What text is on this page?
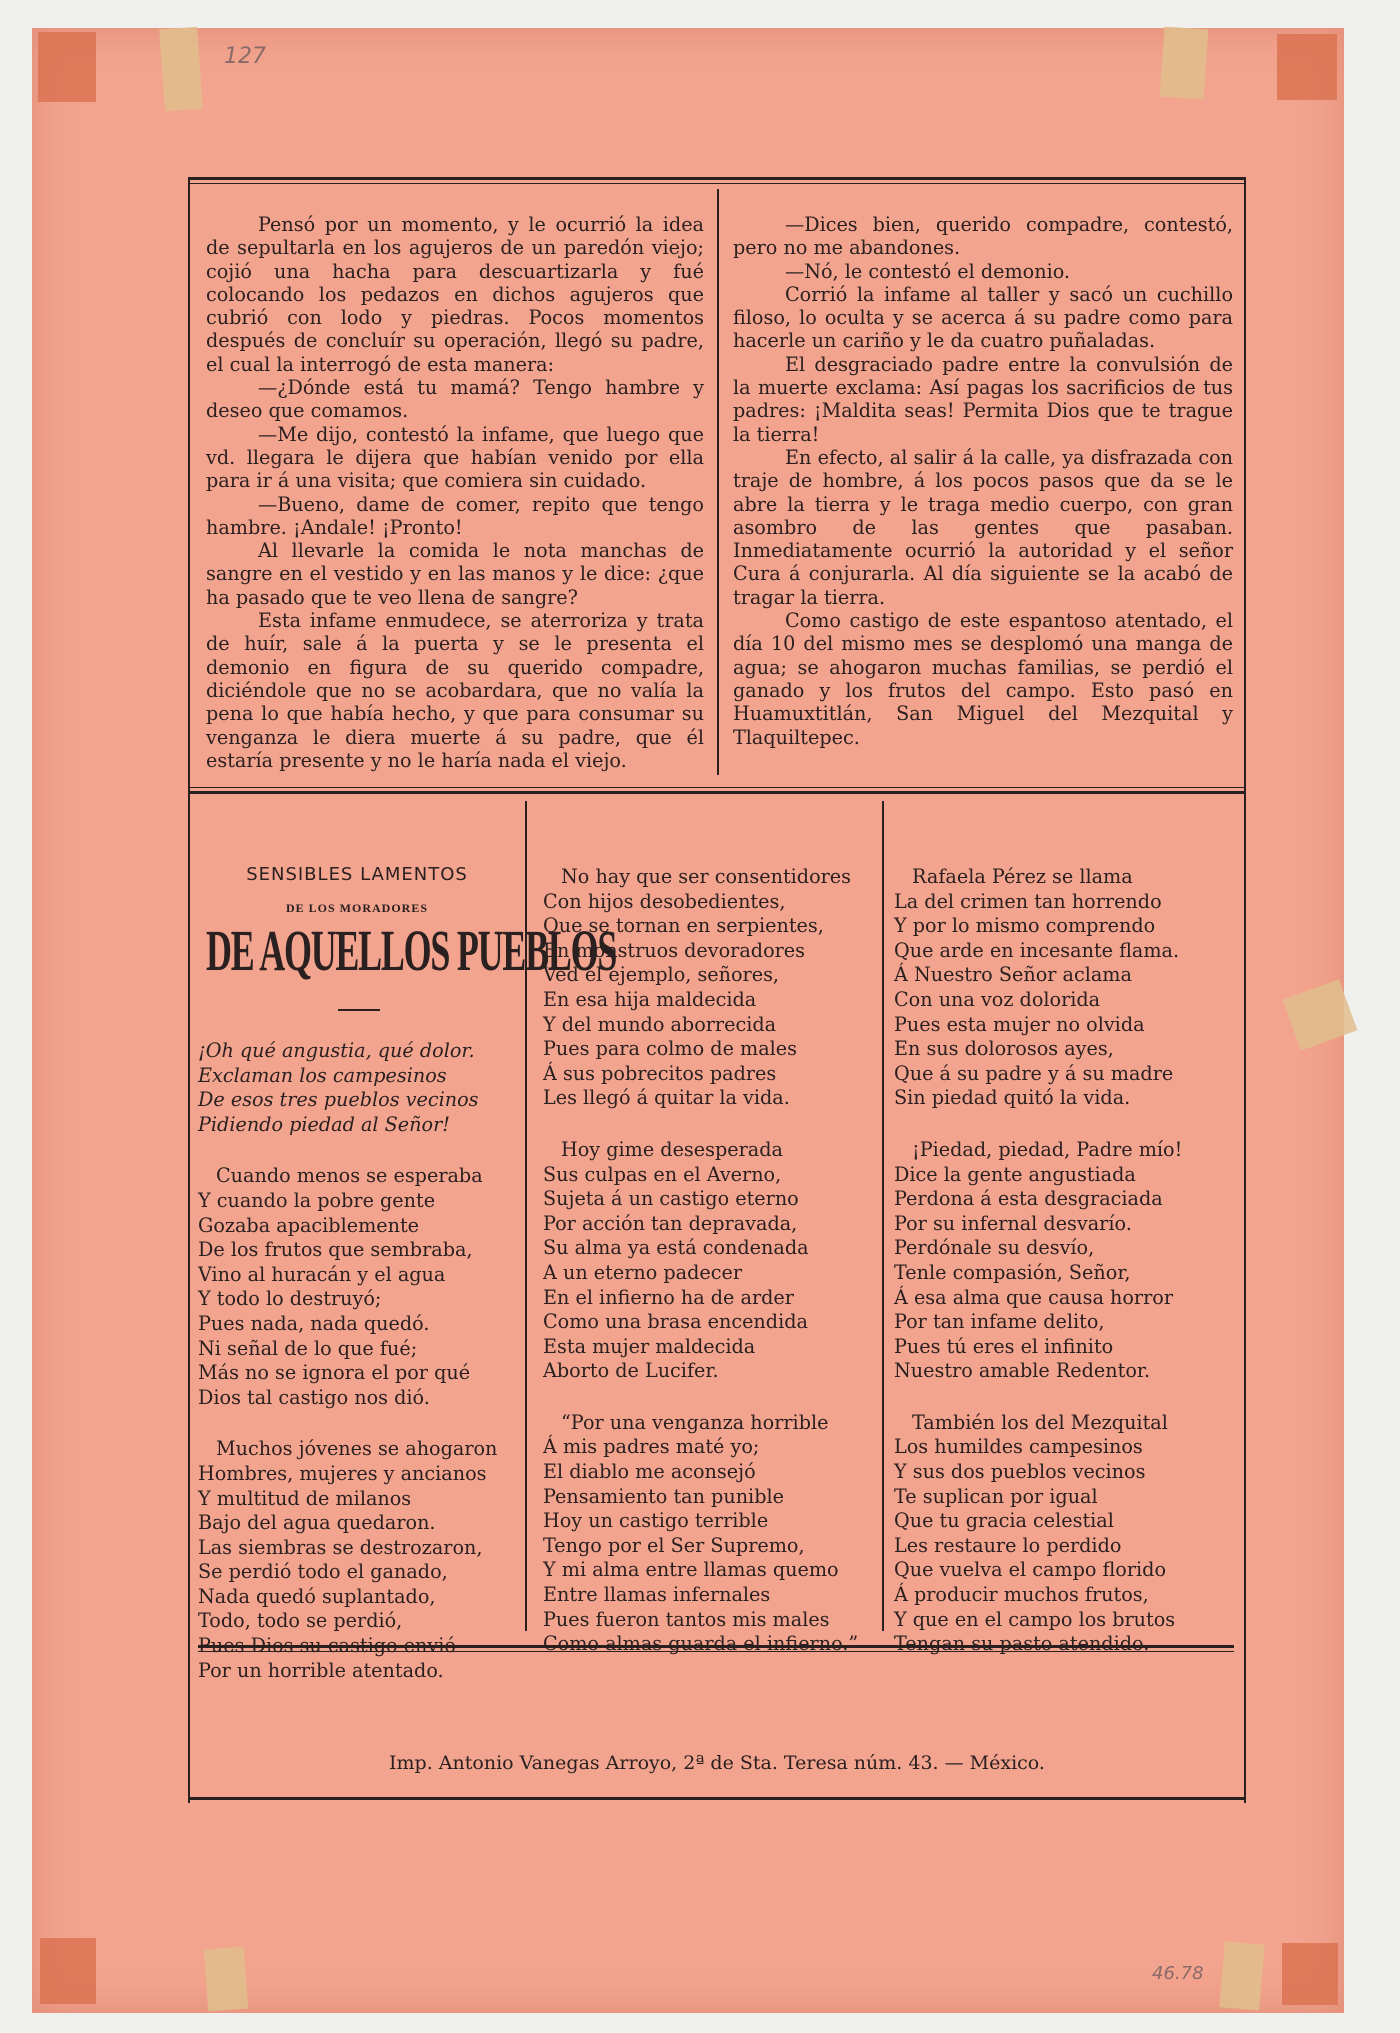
127
46.78

Pensó por un momento, y le ocurrió la idea de sepultarla en los agujeros de un paredón viejo; cojió una hacha para descuartizarla y fué colocando los pedazos en dichos agujeros que cubrió con lodo y piedras. Pocos momentos después de concluír su operación, llegó su padre, el cual la interrogó de esta manera:

—¿Dónde está tu mamá? Tengo hambre y deseo que comamos.

—Me dijo, contestó la infame, que luego que vd. llegara le dijera que habían venido por ella para ir á una visita; que comiera sin cuidado.

—Bueno, dame de comer, repito que tengo hambre. ¡Andale! ¡Pronto!

Al llevarle la comida le nota manchas de sangre en el vestido y en las manos y le dice: ¿que ha pasado que te veo llena de sangre?

Esta infame enmudece, se aterroriza y trata de huír, sale á la puerta y se le presenta el demonio en figura de su querido compadre, diciéndole que no se acobardara, que no valía la pena lo que había hecho, y que para consumar su venganza le diera muerte á su padre, que él estaría presente y no le haría nada el viejo.

—Dices bien, querido compadre, contestó, pero no me abandones.

—Nó, le contestó el demonio.

Corrió la infame al taller y sacó un cuchillo filoso, lo oculta y se acerca á su padre como para hacerle un cariño y le da cuatro puñaladas.

El desgraciado padre entre la convulsión de la muerte exclama: Así pagas los sacrificios de tus padres: ¡Maldita seas! Permita Dios que te trague la tierra!

En efecto, al salir á la calle, ya disfrazada con traje de hombre, á los pocos pasos que da se le abre la tierra y le traga medio cuerpo, con gran asombro de las gentes que pasaban. Inmediatamente ocurrió la autoridad y el señor Cura á conjurarla. Al día siguiente se la acabó de tragar la tierra.

Como castigo de este espantoso atentado, el día 10 del mismo mes se desplomó una manga de agua; se ahogaron muchas familias, se perdió el ganado y los frutos del campo. Esto pasó en Huamuxtitlán, San Miguel del Mezquital y Tlaquiltepec.

SENSIBLES LAMENTOS
DE LOS MORADORES
DE AQUELLOS PUEBLOS
¡Oh qué angustia, qué dolor.
Exclaman los campesinos
De esos tres pueblos vecinos
Pidiendo piedad al Señor!
Cuando menos se esperaba
Y cuando la pobre gente
Gozaba apaciblemente
De los frutos que sembraba,
Vino al huracán y el agua
Y todo lo destruyó;
Pues nada, nada quedó.
Ni señal de lo que fué;
Más no se ignora el por qué
Dios tal castigo nos dió.
Muchos jóvenes se ahogaron
Hombres, mujeres y ancianos
Y multitud de milanos
Bajo del agua quedaron.
Las siembras se destrozaron,
Se perdió todo el ganado,
Nada quedó suplantado,
Todo, todo se perdió,
Pues Dios su castigo envió
Por un horrible atentado.
No hay que ser consentidores
Con hijos desobedientes,
Que se tornan en serpientes,
En monstruos devoradores
Ved el ejemplo, señores,
En esa hija maldecida
Y del mundo aborrecida
Pues para colmo de males
Á sus pobrecitos padres
Les llegó á quitar la vida.
Hoy gime desesperada
Sus culpas en el Averno,
Sujeta á un castigo eterno
Por acción tan depravada,
Su alma ya está condenada
A un eterno padecer
En el infierno ha de arder
Como una brasa encendida
Esta mujer maldecida
Aborto de Lucifer.
“Por una venganza horrible
Á mis padres maté yo;
El diablo me aconsejó
Pensamiento tan punible
Hoy un castigo terrible
Tengo por el Ser Supremo,
Y mi alma entre llamas quemo
Entre llamas infernales
Pues fueron tantos mis males
Como almas guarda el infierno.”
Rafaela Pérez se llama
La del crimen tan horrendo
Y por lo mismo comprendo
Que arde en incesante flama.
Á Nuestro Señor aclama
Con una voz dolorida
Pues esta mujer no olvida
En sus dolorosos ayes,
Que á su padre y á su madre
Sin piedad quitó la vida.
¡Piedad, piedad, Padre mío!
Dice la gente angustiada
Perdona á esta desgraciada
Por su infernal desvarío.
Perdónale su desvío,
Tenle compasión, Señor,
Á esa alma que causa horror
Por tan infame delito,
Pues tú eres el infinito
Nuestro amable Redentor.
También los del Mezquital
Los humildes campesinos
Y sus dos pueblos vecinos
Te suplican por igual
Que tu gracia celestial
Les restaure lo perdido
Que vuelva el campo florido
Á producir muchos frutos,
Y que en el campo los brutos
Tengan su pasto atendido.
Imp. Antonio Vanegas Arroyo, 2ª de Sta. Teresa núm. 43. — México.
